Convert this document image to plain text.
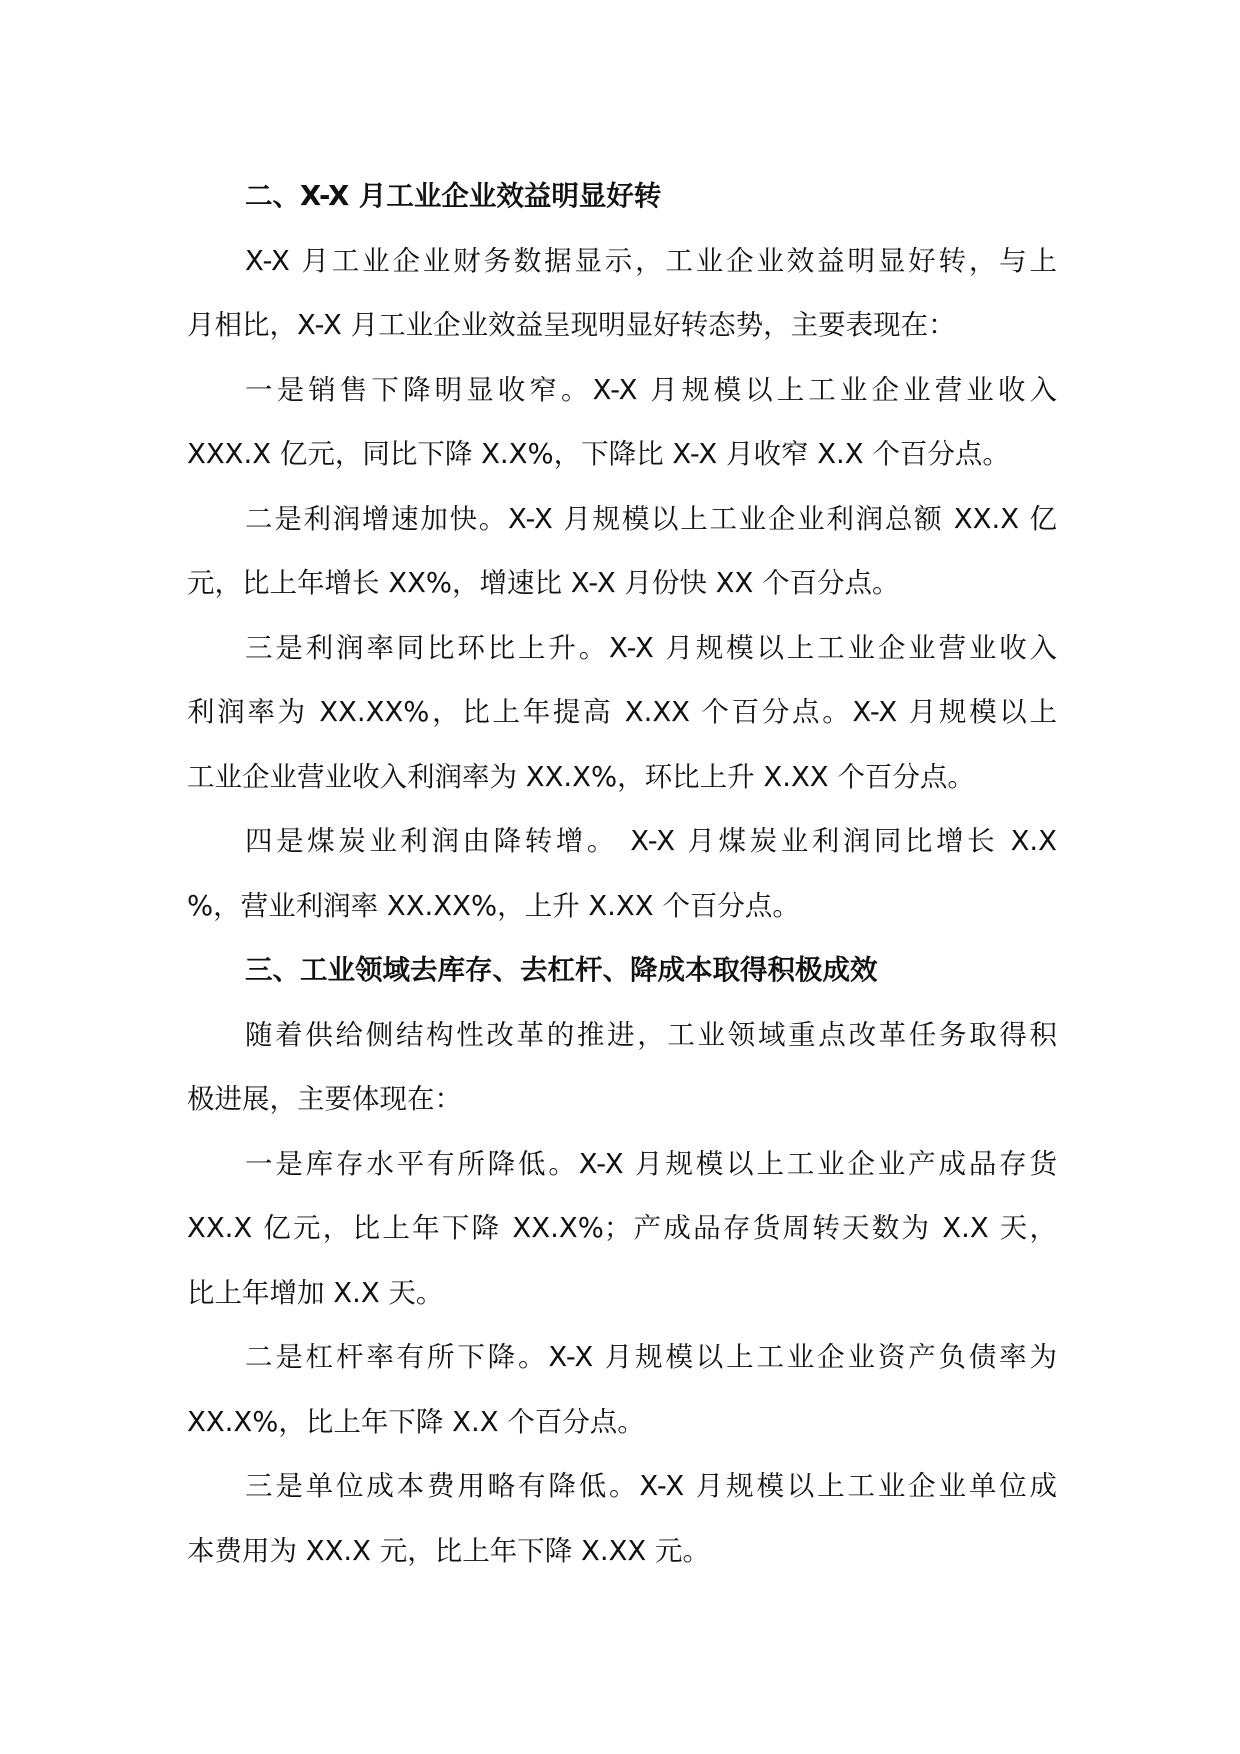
二、X-X 月工业企业效益明显好转
X-X 月工业企业财务数据显示，工业企业效益明显好转，与上
月相比，X-X 月工业企业效益呈现明显好转态势，主要表现在：
一是销售下降明显收窄。X-X 月规模以上工业企业营业收入
XXX.X 亿元，同比下降 X.X%，下降比 X-X 月收窄 X.X 个百分点。
二是利润增速加快。X-X 月规模以上工业企业利润总额 XX.X 亿
元，比上年增长 XX%，增速比 X-X 月份快 XX 个百分点。
三是利润率同比环比上升。X-X 月规模以上工业企业营业收入
利润率为 XX.XX%，比上年提高 X.XX 个百分点。X-X 月规模以上
工业企业营业收入利润率为 XX.X%，环比上升 X.XX 个百分点。
四是煤炭业利润由降转增。 X-X 月煤炭业利润同比增长 X.X
%，营业利润率 XX.XX%，上升 X.XX 个百分点。
三、工业领域去库存、去杠杆、降成本取得积极成效
随着供给侧结构性改革的推进，工业领域重点改革任务取得积
极进展，主要体现在：
一是库存水平有所降低。X-X 月规模以上工业企业产成品存货
XX.X 亿元，比上年下降 XX.X%；产成品存货周转天数为 X.X 天，
比上年增加 X.X 天。
二是杠杆率有所下降。X-X 月规模以上工业企业资产负债率为
XX.X%，比上年下降 X.X 个百分点。
三是单位成本费用略有降低。X-X 月规模以上工业企业单位成
本费用为 XX.X 元，比上年下降 X.XX 元。
